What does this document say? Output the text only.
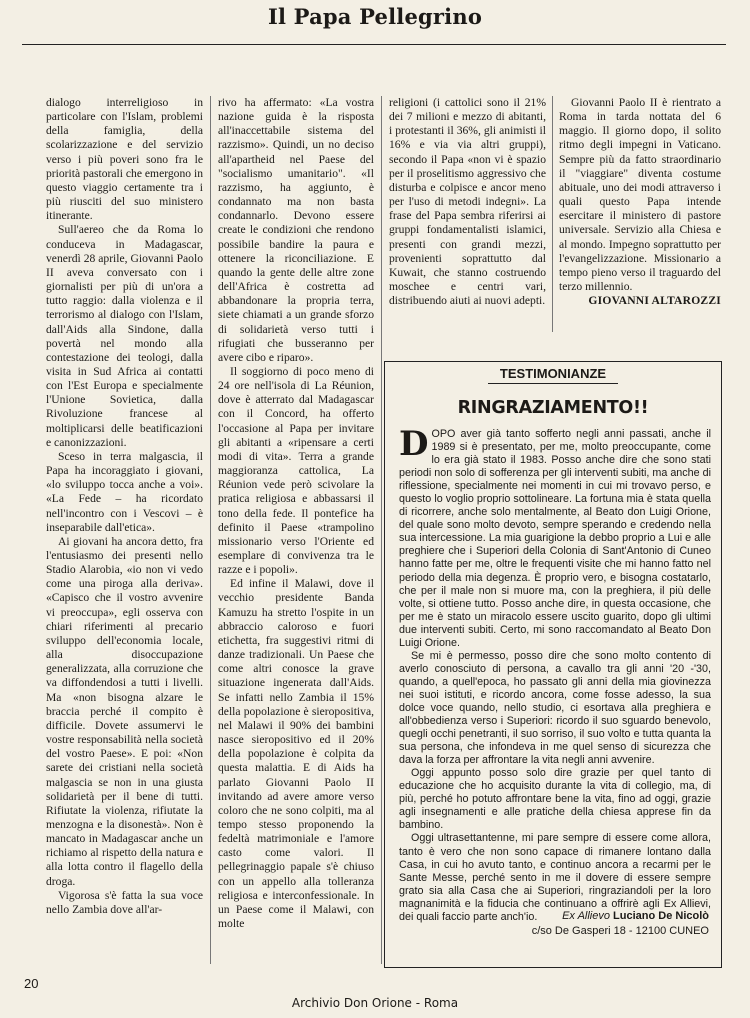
Il Papa Pellegrino

dialogo interreligioso in particolare con l'Islam, problemi della famiglia, della scolarizzazione e del servizio verso i più poveri sono fra le priorità pastorali che emergono in questo viaggio certamente tra i più riusciti del suo ministero itinerante.

Sull'aereo che da Roma lo conduceva in Madagascar, venerdì 28 aprile, Giovanni Paolo II aveva conversato con i giornalisti per più di un'ora a tutto raggio: dalla violenza e il terrorismo al dialogo con l'Islam, dall'Aids alla Sindone, dalla povertà nel mondo alla contestazione dei teologi, dalla visita in Sud Africa ai contatti con l'Est Europa e specialmente l'Unione Sovietica, dalla Rivoluzione francese al moltiplicarsi delle beatificazioni e canonizzazioni.

Sceso in terra malgascia, il Papa ha incoraggiato i giovani, «lo sviluppo tocca anche a voi». «La Fede – ha ricordato nell'incontro con i Vescovi – è inseparabile dall'etica».

Ai giovani ha ancora detto, fra l'entusiasmo dei presenti nello Stadio Alarobia, «io non vi vedo come una piroga alla deriva». «Capisco che il vostro avvenire vi preoccupa», egli osserva con chiari riferimenti al precario sviluppo dell'economia locale, alla disoccupazione generalizzata, alla corruzione che va diffondendosi a tutti i livelli. Ma «non bisogna alzare le braccia perché il compito è difficile. Dovete assumervi le vostre responsabilità nella società del vostro Paese». E poi: «Non sarete dei cristiani nella società malgascia se non in una giusta solidarietà per il bene di tutti. Rifiutate la violenza, rifiutate la menzogna e la disonestà». Non è mancato in Madagascar anche un richiamo al rispetto della natura e alla lotta contro il flagello della droga.

Vigorosa s'è fatta la sua voce nello Zambia dove all'ar-

rivo ha affermato: «La vostra nazione guida è la risposta all'inaccettabile sistema del razzismo». Quindi, un no deciso all'apartheid nel Paese del "socialismo umanitario". «Il razzismo, ha aggiunto, è condannato ma non basta condannarlo. Devono essere create le condizioni che rendono possibile bandire la paura e ottenere la riconciliazione. E quando la gente delle altre zone dell'Africa è costretta ad abbandonare la propria terra, siete chiamati a un grande sforzo di solidarietà verso tutti i rifugiati che busseranno per avere cibo e riparo».

Il soggiorno di poco meno di 24 ore nell'isola di La Réunion, dove è atterrato dal Madagascar con il Concord, ha offerto l'occasione al Papa per invitare gli abitanti a «ripensare a certi modi di vita». Terra a grande maggioranza cattolica, La Réunion vede però scivolare la pratica religiosa e abbassarsi il tono della fede. Il pontefice ha definito il Paese «trampolino missionario verso l'Oriente ed esemplare di convivenza tra le razze e i popoli».

Ed infine il Malawi, dove il vecchio presidente Banda Kamuzu ha stretto l'ospite in un abbraccio caloroso e fuori etichetta, fra suggestivi ritmi di danze tradizionali. Un Paese che come altri conosce la grave situazione ingenerata dall'Aids. Se infatti nello Zambia il 15% della popolazione è sieropositiva, nel Malawi il 90% dei bambini nasce sieropositivo ed il 20% della popolazione è colpita da questa malattia. E di Aids ha parlato Giovanni Paolo II invitando ad avere amore verso coloro che ne sono colpiti, ma al tempo stesso proponendo la fedeltà matrimoniale e l'amore casto come valori. Il pellegrinaggio papale s'è chiuso con un appello alla tolleranza religiosa e interconfessionale. In un Paese come il Malawi, con molte

religioni (i cattolici sono il 21% dei 7 milioni e mezzo di abitanti, i protestanti il 36%, gli animisti il 16% e via via altri gruppi), secondo il Papa «non vi è spazio per il proselitismo aggressivo che disturba e colpisce e ancor meno per l'uso di metodi indegni». La frase del Papa sembra riferirsi ai gruppi fondamentalisti islamici, presenti con grandi mezzi, provenienti soprattutto dal Kuwait, che stanno costruendo moschee e centri vari, distribuendo aiuti ai nuovi adepti.

Giovanni Paolo II è rientrato a Roma in tarda nottata del 6 maggio. Il giorno dopo, il solito ritmo degli impegni in Vaticano. Sempre più da fatto straordinario il "viaggiare" diventa costume abituale, uno dei modi attraverso i quali questo Papa intende esercitare il ministero di pastore universale. Servizio alla Chiesa e al mondo. Impegno soprattutto per l'evangelizzazione. Missionario a tempo pieno verso il traguardo del terzo millennio.

GIOVANNI ALTAROZZI

TESTIMONIANZE
RINGRAZIAMENTO!!

DOPO aver già tanto sofferto negli anni passati, anche il 1989 si è presentato, per me, molto preoccupante, come lo era già stato il 1983. Posso anche dire che sono stati periodi non solo di sofferenza per gli interventi subiti, ma anche di riflessione, specialmente nei momenti in cui mi trovavo perso, e questo lo voglio proprio sottolineare. La fortuna mia è stata quella di ricorrere, anche solo mentalmente, al Beato don Luigi Orione, del quale sono molto devoto, sempre sperando e credendo nella sua intercessione. La mia guarigione la debbo proprio a Lui e alle preghiere che i Superiori della Colonia di Sant'Antonio di Cuneo hanno fatte per me, oltre le frequenti visite che mi hanno fatto nel periodo della mia degenza. È proprio vero, e bisogna costatarlo, che per il male non si muore ma, con la preghiera, il più delle volte, si ottiene tutto. Posso anche dire, in questa occasione, che per me è stato un miracolo essere uscito guarito, dopo gli ultimi due interventi subiti. Certo, mi sono raccomandato al Beato Don Luigi Orione.

Se mi è permesso, posso dire che sono molto contento di averlo conosciuto di persona, a cavallo tra gli anni '20 -'30, quando, a quell'epoca, ho passato gli anni della mia giovinezza nei suoi istituti, e ricordo ancora, come fosse adesso, la sua dolce voce quando, nello studio, ci esortava alla preghiera e all'obbedienza verso i Superiori: ricordo il suo sguardo benevolo, quegli occhi penetranti, il suo sorriso, il suo volto e tutta quanta la sua persona, che infondeva in me quel senso di sicurezza che dava la forza per affrontare la vita negli anni avvenire.

Oggi appunto posso solo dire grazie per quel tanto di educazione che ho acquisito durante la vita di collegio, ma, di più, perché ho potuto affrontare bene la vita, fino ad oggi, grazie agli insegnamenti e alle pratiche della chiesa apprese fin da bambino.

Oggi ultrasettantenne, mi pare sempre di essere come allora, tanto è vero che non sono capace di rimanere lontano dalla Casa, in cui ho avuto tanto, e continuo ancora a recarmi per le Sante Messe, perché sento in me il dovere di essere sempre grato sia alla Casa che ai Superiori, ringraziandoli per la loro magnanimità e la fiducia che continuano a offrirè agli Ex Allievi, dei quali faccio parte anch'io.	Ex Allievo Luciano De Nicolò
c/so De Gasperi 18 - 12100 CUNEO
20
Archivio Don Orione - Roma
